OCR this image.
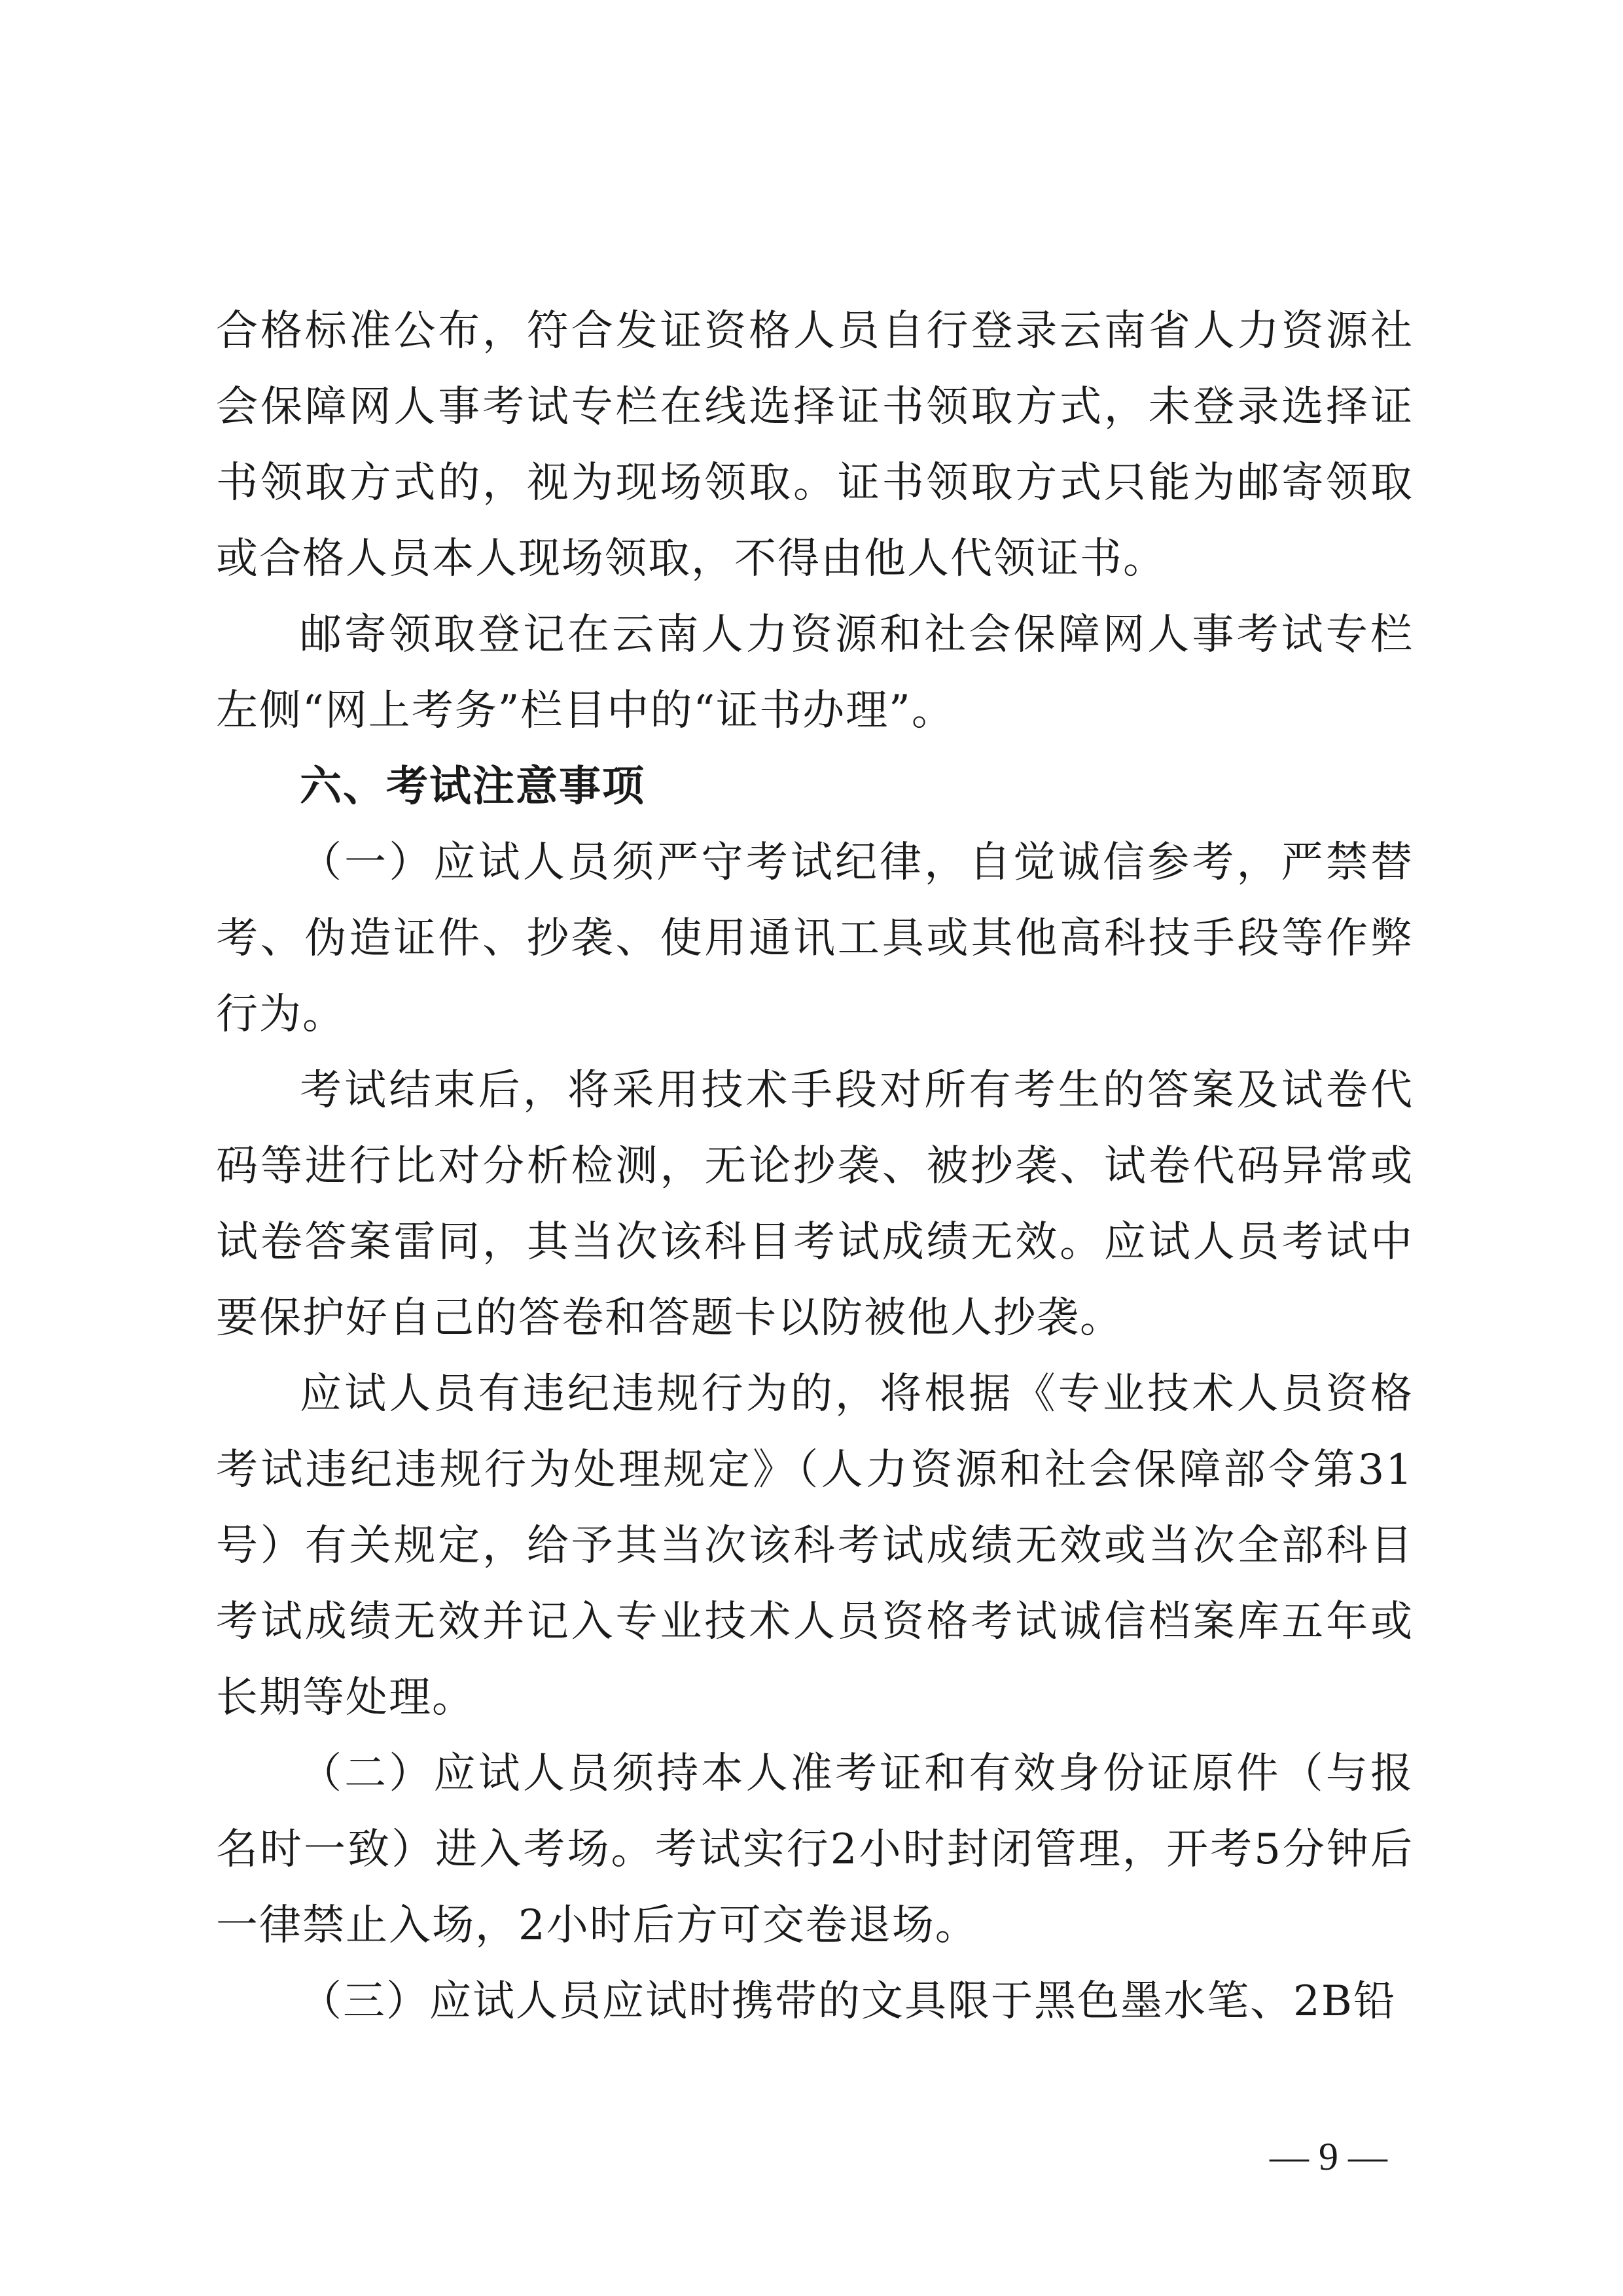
合格标准公布，符合发证资格人员自行登录云南省人力资源社会保障网人事考试专栏在线选择证书领取方式，未登录选择证书领取方式的，视为现场领取。证书领取方式只能为邮寄领取或合格人员本人现场领取，不得由他人代领证书。

邮寄领取登记在云南人力资源和社会保障网人事考试专栏左侧“网上考务”栏目中的“证书办理”。

六、考试注意事项

（一）应试人员须严守考试纪律，自觉诚信参考，严禁替考、伪造证件、抄袭、使用通讯工具或其他高科技手段等作弊行为。

考试结束后，将采用技术手段对所有考生的答案及试卷代码等进行比对分析检测，无论抄袭、被抄袭、试卷代码异常或试卷答案雷同，其当次该科目考试成绩无效。应试人员考试中要保护好自己的答卷和答题卡以防被他人抄袭。

应试人员有违纪违规行为的，将根据《专业技术人员资格考试违纪违规行为处理规定》（人力资源和社会保障部令第31号）有关规定，给予其当次该科考试成绩无效或当次全部科目考试成绩无效并记入专业技术人员资格考试诚信档案库五年或长期等处理。

（二）应试人员须持本人准考证和有效身份证原件（与报名时一致）进入考场。考试实行2小时封闭管理，开考5分钟后一律禁止入场，2小时后方可交卷退场。

（三）应试人员应试时携带的文具限于黑色墨水笔、2B铅

— 9 —
